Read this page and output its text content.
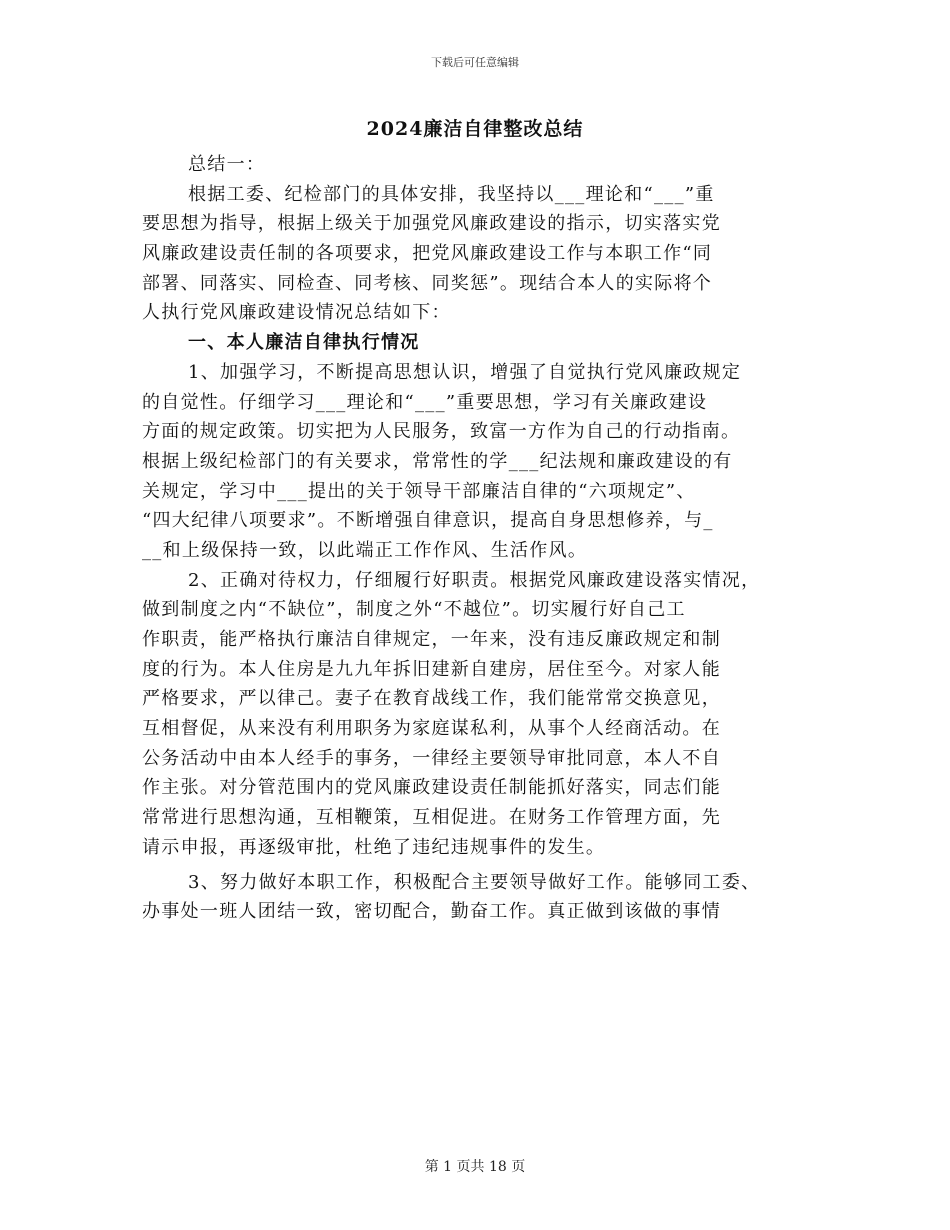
下载后可任意编辑
2024廉洁自律整改总结
总结一：
根据工委、纪检部门的具体安排，我坚持以___理论和“___”重
要思想为指导，根据上级关于加强党风廉政建设的指示，切实落实党
风廉政建设责任制的各项要求，把党风廉政建设工作与本职工作“同
部署、同落实、同检查、同考核、同奖惩”。现结合本人的实际将个
人执行党风廉政建设情况总结如下：
一、本人廉洁自律执行情况
1、加强学习，不断提高思想认识，增强了自觉执行党风廉政规定
的自觉性。仔细学习___理论和“___”重要思想，学习有关廉政建设
方面的规定政策。切实把为人民服务，致富一方作为自己的行动指南。
根据上级纪检部门的有关要求，常常性的学___纪法规和廉政建设的有
关规定，学习中___提出的关于领导干部廉洁自律的“六项规定”、
“四大纪律八项要求”。不断增强自律意识，提高自身思想修养，与_
__和上级保持一致，以此端正工作作风、生活作风。
2、正确对待权力，仔细履行好职责。根据党风廉政建设落实情况，
做到制度之内“不缺位”，制度之外“不越位”。切实履行好自己工
作职责，能严格执行廉洁自律规定，一年来，没有违反廉政规定和制
度的行为。本人住房是九九年拆旧建新自建房，居住至今。对家人能
严格要求，严以律己。妻子在教育战线工作，我们能常常交换意见，
互相督促，从来没有利用职务为家庭谋私利，从事个人经商活动。在
公务活动中由本人经手的事务，一律经主要领导审批同意，本人不自
作主张。对分管范围内的党风廉政建设责任制能抓好落实，同志们能
常常进行思想沟通，互相鞭策，互相促进。在财务工作管理方面，先
请示申报，再逐级审批，杜绝了违纪违规事件的发生。
3、努力做好本职工作，积极配合主要领导做好工作。能够同工委、
办事处一班人团结一致，密切配合，勤奋工作。真正做到该做的事情
第 1 页共 18 页
